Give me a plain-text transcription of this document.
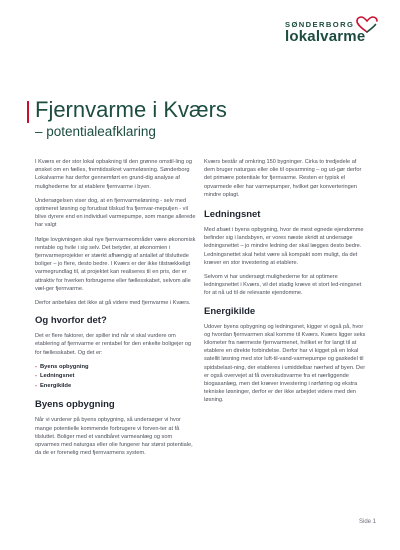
SØNDERBORG
lokalvarme
Fjernvarme i Kværs
– potentialeafklaring

I Kværs er der stor lokal opbakning til den grønne omstil-ling og ønsket om en fælles, fremtidssikret varmeløsning. Sønderborg Lokalvarme har derfor gennemført en grund-dig analyse af mulighederne for at etablere fjernvarme i byen.

Undersøgelsen viser dog, at en fjernvarmeløsning - selv med optimeret løsning og forudsat tilskud fra fjernvar-mepuljen - vil blive dyrere end en individuel varmepumpe, som mange allerede har valgt

Ifølge lovgivningen skal nye fjernvarmeområder være økonomisk rentable og hvile i sig selv. Det betyder, at økonomien i fjernvarmeprojekter er stærkt afhængig af antallet af tilsluttede boliger – jo flere, desto bedre. I Kværs er der ikke tilstrækkeligt varmegrundlag til, at projektet kan realiseres til en pris, der er attraktiv for hverken forbrugerne eller fællesskabet, selvom alle væl-ger fjernvarme.

Derfor anbefales det ikke at gå videre med fjernvarme i Kværs.

Og hvorfor det?

Det er flere faktorer, der spiller ind når vi skal vurdere om etablering af fjernvarme er rentabel for den enkelte boligejer og for fællesskabet. Og det er:

- Byens opbygning
- Ledningsnet
- Energikilde
Byens opbygning

Når vi vurderer på byens opbygning, så undersøger vi hvor mange potentielle kommende forbrugere vi forven-ter at få tilsluttet. Boliger med et vandbåret varmeanlæg og som opvarmes med naturgas eller olie fungerer har størst potentiale, da de er forenelig med fjernvarmens system.

Kværs består af omkring 150 bygninger. Cirka to tredjedele af dem bruger naturgas eller olie til opvarmning – og ud-gør derfor det primære potentiale for fjernvarme. Resten er typisk el opvarmede eller har varmepumper, hvilket gør konverteringen mindre oplagt.

Ledningsnet

Med afsæt i byens opbygning, hvor de mest egnede ejendomme befinder sig i landsbyen, er vores næste skridt at undersøge ledningsnettet – jo mindre ledning der skal lægges desto bedre. Ledningsnettet skal helst være så kompakt som muligt, da det kræver en stor investering at etablere.

Selvom vi har undersøgt mulighederne for at optimere ledningsnettet i Kværs, vil det stadig kræve et stort led-ningsnet for at nå ud til de relevante ejendomme.

Energikilde

Udover byens opbygning og ledningsnet, kigger vi også på, hvor og hvordan fjernvarmen skal komme til Kværs. Kværs ligger seks kilometer fra nærmeste fjernvarmenet, hvilket er for langt til at etablere en direkte forbindelse. Derfor har vi kigget på en lokal satellit løsning med stor luft-til-vand-varmepumpe og gaskedel til spidsbelast-ning, der etableres i umiddelbar nærhed af byen. Der er også overvejet at få overskudsvarme fra et nærliggende biogasanlæg, men det kræver investering i rørføring og ekstra tekniske løsninger, derfor er der ikke arbejdet videre med den løsning.

Side 1
